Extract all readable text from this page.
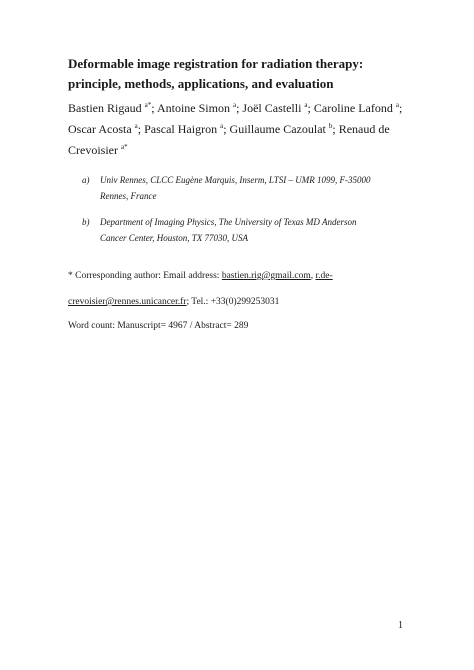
Deformable image registration for radiation therapy: principle, methods, applications, and evaluation
Bastien Rigaud $^{a*}$; Antoine Simon $^a$; Joël Castelli $^a$; Caroline Lafond $^a$;
Oscar Acosta $^a$; Pascal Haigron $^a$; Guillaume Cazoulat $^b$; Renaud de Crevoisier $^{a*}$
a) Univ Rennes, CLCC Eugène Marquis, Inserm, LTSI – UMR 1099, F-35000 Rennes, France
b) Department of Imaging Physics, The University of Texas MD Anderson Cancer Center, Houston, TX 77030, USA
* Corresponding author: Email address: bastien.rig@gmail.com, r.de-
crevoisier@rennes.unicancer.fr; Tel.: +33(0)299253031
Word count: Manuscript= 4967 / Abstract= 289
1
